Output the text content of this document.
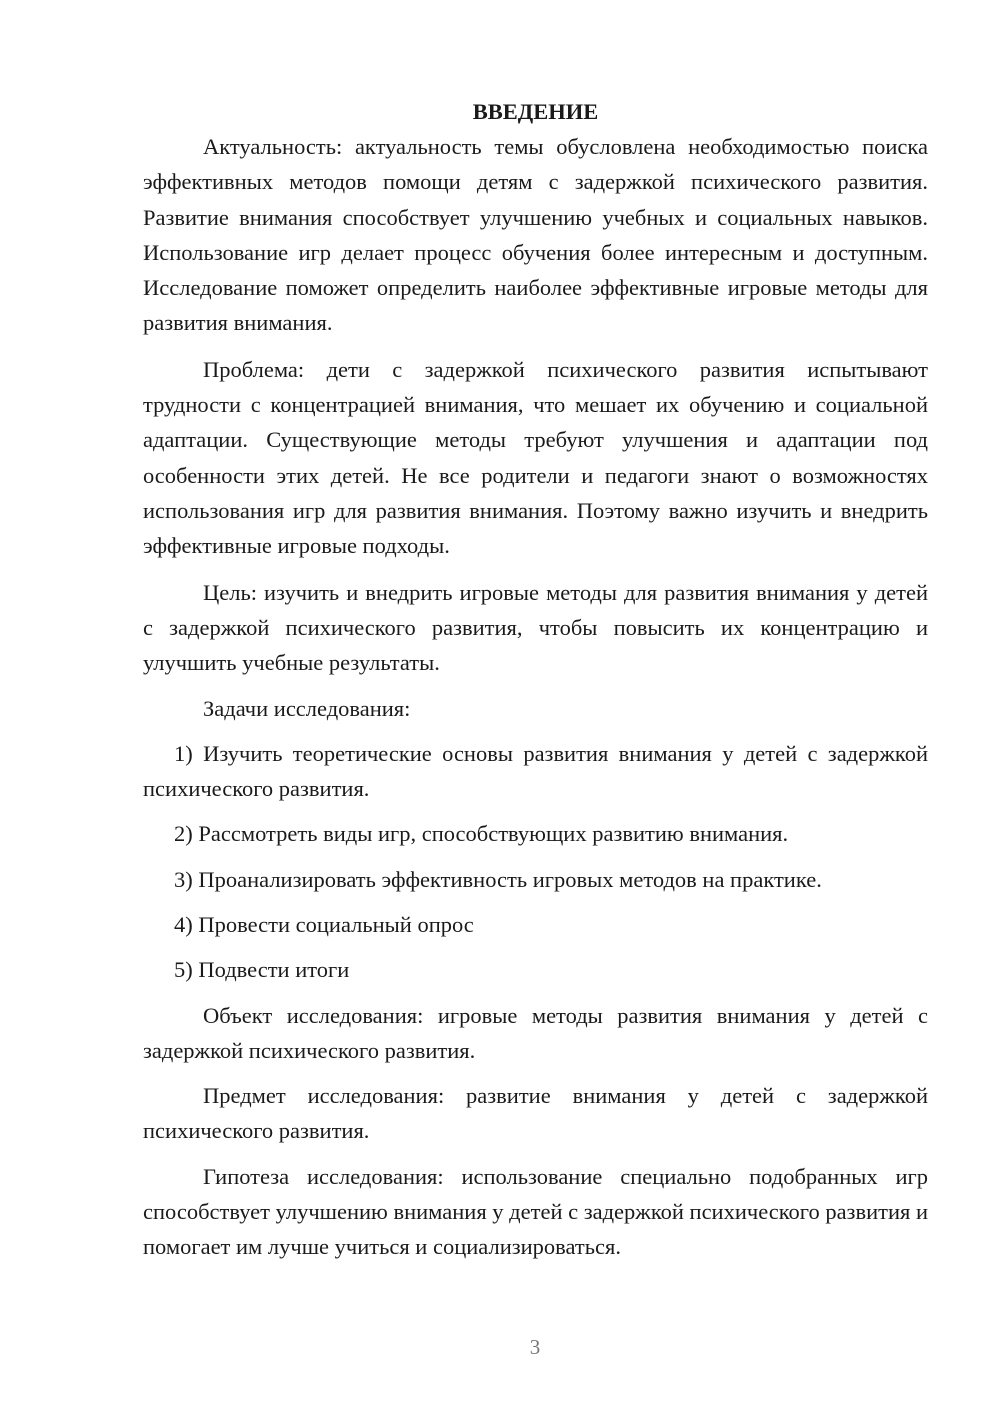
ВВЕДЕНИЕ

Актуальность: актуальность темы обусловлена необходимостью поиска эффективных методов помощи детям с задержкой психического развития. Развитие внимания способствует улучшению учебных и социальных навыков. Использование игр делает процесс обучения более интересным и доступным. Исследование поможет определить наиболее эффективные игровые методы для развития внимания.

Проблема: дети с задержкой психического развития испытывают трудности с концентрацией внимания, что мешает их обучению и социальной адаптации. Существующие методы требуют улучшения и адаптации под особенности этих детей. Не все родители и педагоги знают о возможностях использования игр для развития внимания. Поэтому важно изучить и внедрить эффективные игровые подходы.

Цель: изучить и внедрить игровые методы для развития внимания у детей с задержкой психического развития, чтобы повысить их концентрацию и улучшить учебные результаты.

Задачи исследования:

1) Изучить теоретические основы развития внимания у детей с задержкой психического развития.

2) Рассмотреть виды игр, способствующих развитию внимания.

3) Проанализировать эффективность игровых методов на практике.

4) Провести социальный опрос

5) Подвести итоги

Объект исследования: игровые методы развития внимания у детей с задержкой психического развития.

Предмет исследования: развитие внимания у детей с задержкой психического развития.

Гипотеза исследования: использование специально подобранных игр способствует улучшению внимания у детей с задержкой психического развития и помогает им лучше учиться и социализироваться.

3
